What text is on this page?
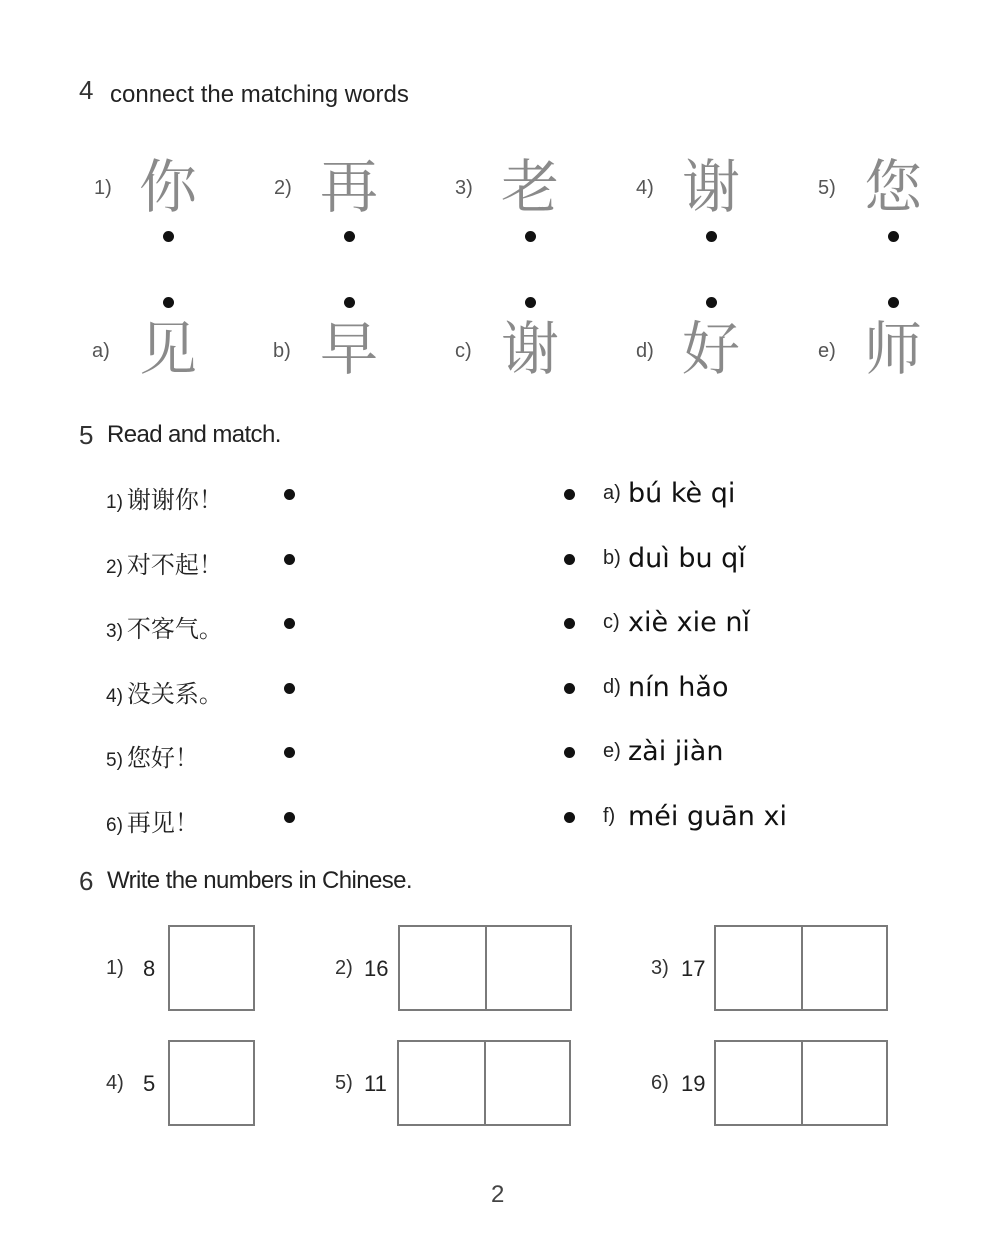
4 connect the matching words
1) 你	2) 再	3) 老	4) 谢	5) 您
a) 见	b) 早	c) 谢	d) 好	e) 师
5 Read and match.
1) 谢谢你！
2) 对不起！
3) 不客气。
4) 没关系。
5) 您好！
6) 再见！
a) bú kè qi
b) duì bu qǐ
c) xiè xie nǐ
d) nín hǎo
e) zài jiàn
f) méi guān xi
6 Write the numbers in Chinese.
1) 8	2) 16	3) 17
4) 5	5) 11	6) 19
2
